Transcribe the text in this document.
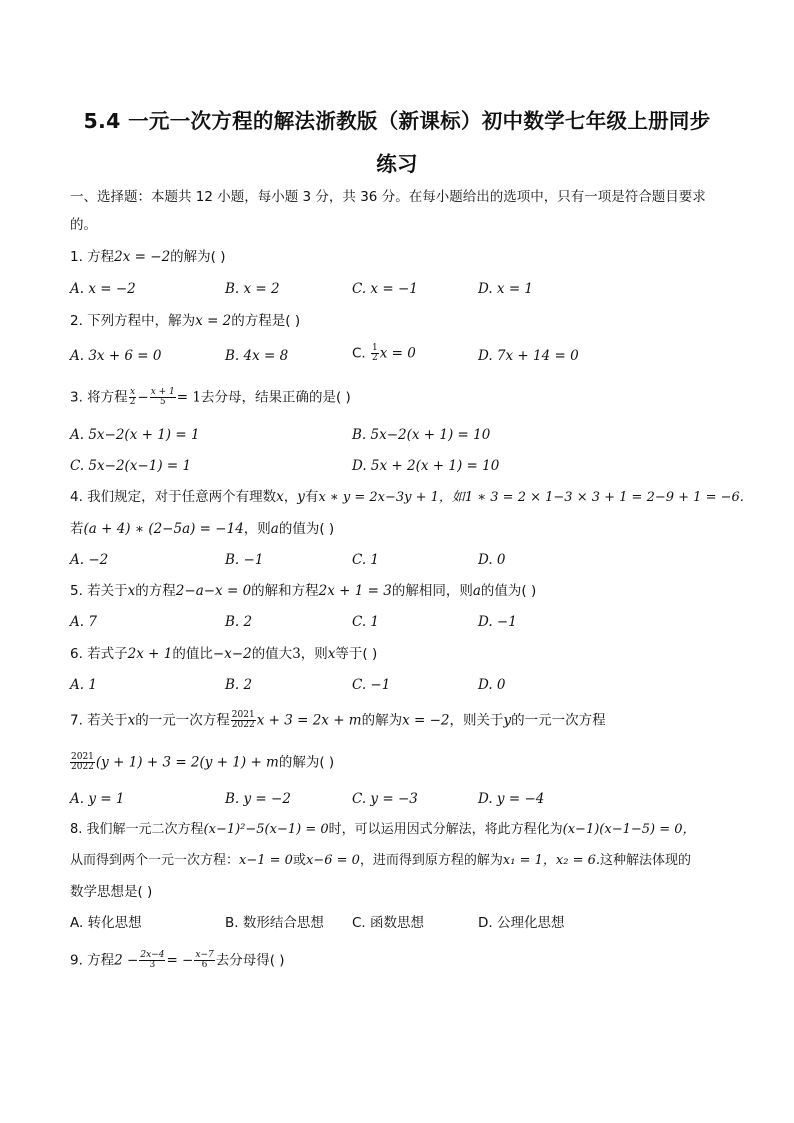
5.4 一元一次方程的解法浙教版（新课标）初中数学七年级上册同步
练习
一、选择题：本题共 12 小题，每小题 3 分，共 36 分。在每小题给出的选项中，只有一项是符合题目要求
的。
1. 方程2x = −2的解为( )
A. x = −2	B. x = 2	C. x = −1	D. x = 1
2. 下列方程中，解为x = 2的方程是( )
A. 3x + 6 = 0	B. 4x = 8	C. $\frac{1}{2}$ x = 0	D. 7x + 14 = 0
3. 将方程 $\frac{x}{2} - \frac{x + 1}{5} = 1$去分母，结果正确的是( )
A. 5x−2(x + 1) = 1	B. 5x−2(x + 1) = 10
C. 5x−2(x−1) = 1	D. 5x + 2(x + 1) = 10
4. 我们规定，对于任意两个有理数x，y有x ∗ y = 2x−3y + 1，如1 ∗ 3 = 2 × 1−3 × 3 + 1 = 2−9 + 1 = −6.
若(a + 4) ∗ (2−5a) = −14，则a的值为( )
A. −2	B. −1	C. 1	D. 0
5. 若关于x的方程2−a−x = 0的解和方程2x + 1 = 3的解相同，则a的值为( )
A. 7	B. 2	C. 1	D. −1
6. 若式子2x + 1的值比−x−2的值大3，则x等于( )
A. 1	B. 2	C. −1	D. 0
7. 若关于x的一元一次方程 $\frac{2021}{2022}$ x + 3 = 2x + m的解为x = −2，则关于y的一元一次方程
$\frac{2021}{2022} (y + 1) + 3 = 2(y + 1) + m$的解为( )
A. y = 1	B. y = −2	C. y = −3	D. y = −4
8. 我们解一元二次方程(x−1)²−5(x−1) = 0时，可以运用因式分解法，将此方程化为(x−1)(x−1−5) = 0，
从而得到两个一元一次方程：x−1 = 0或x−6 = 0，进而得到原方程的解为x₁ = 1，x₂ = 6.这种解法体现的
数学思想是( )
A. 转化思想	B. 数形结合思想 C. 函数思想	D. 公理化思想
9. 方程$2 - \frac{2x-4}{3}$ = − $\frac{x-7}{6}$ 去分母得( )
